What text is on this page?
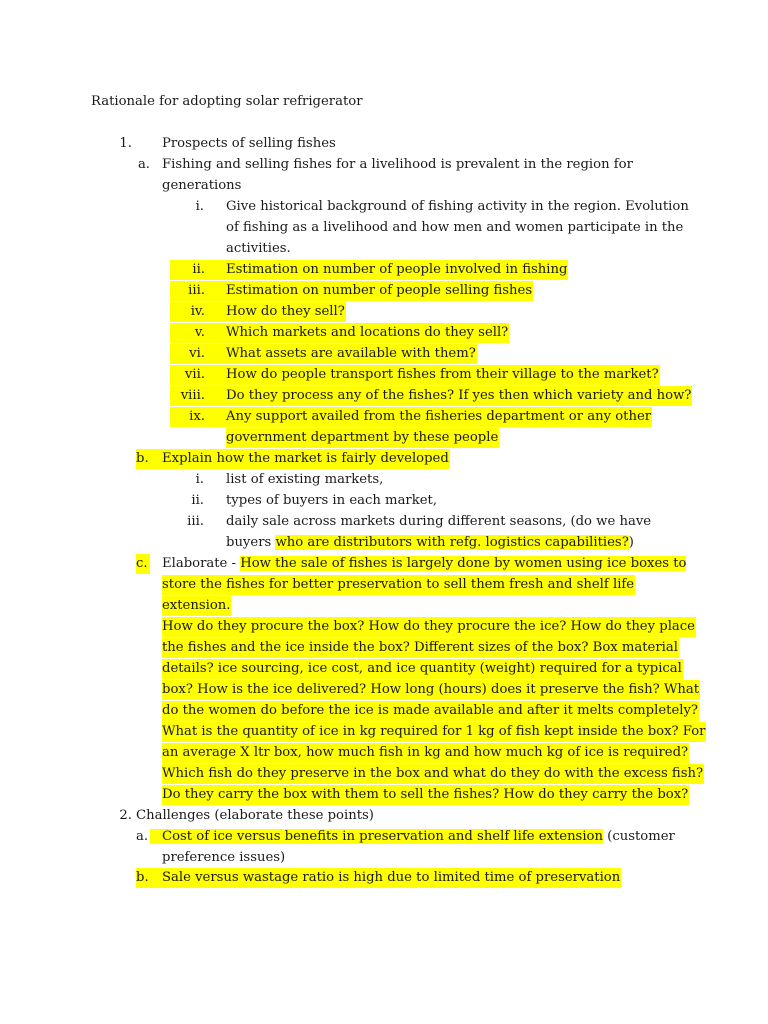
Rationale for adopting solar refrigerator
1. Prospects of selling fishes
a. Fishing and selling fishes for a livelihood is prevalent in the region for
generations
i. Give historical background of fishing activity in the region. Evolution
of fishing as a livelihood and how men and women participate in the
activities.
ii.	Estimation on number of people involved in fishing
iii.	Estimation on number of people selling fishes
iv.	How do they sell?
v.	Which markets and locations do they sell?
vi.	What assets are available with them?
vii.	How do people transport fishes from their village to the market?
viii.	Do they process any of the fishes? If yes then which variety and how?
ix.	Any support availed from the fisheries department or any other
government department by these people
b.	Explain how the market is fairly developed
i. list of existing markets,
ii. types of buyers in each market,
iii. daily sale across markets during different seasons, (do we have
buyers who are distributors with refg. logistics capabilities?)
c. Elaborate - How the sale of fishes is largely done by women using ice boxes to
store the fishes for better preservation to sell them fresh and shelf life
extension.
How do they procure the box? How do they procure the ice? How do they place
the fishes and the ice inside the box? Different sizes of the box? Box material
details? ice sourcing, ice cost, and ice quantity (weight) required for a typical
box? How is the ice delivered? How long (hours) does it preserve the fish? What
do the women do before the ice is made available and after it melts completely?
What is the quantity of ice in kg required for 1 kg of fish kept inside the box? For
an average X ltr box, how much fish in kg and how much kg of ice is required?
Which fish do they preserve in the box and what do they do with the excess fish?
Do they carry the box with them to sell the fishes? How do they carry the box?
2. Challenges (elaborate these points)
a.	Cost of ice versus benefits in preservation and shelf life extension (customer
preference issues)
b.	Sale versus wastage ratio is high due to limited time of preservation
